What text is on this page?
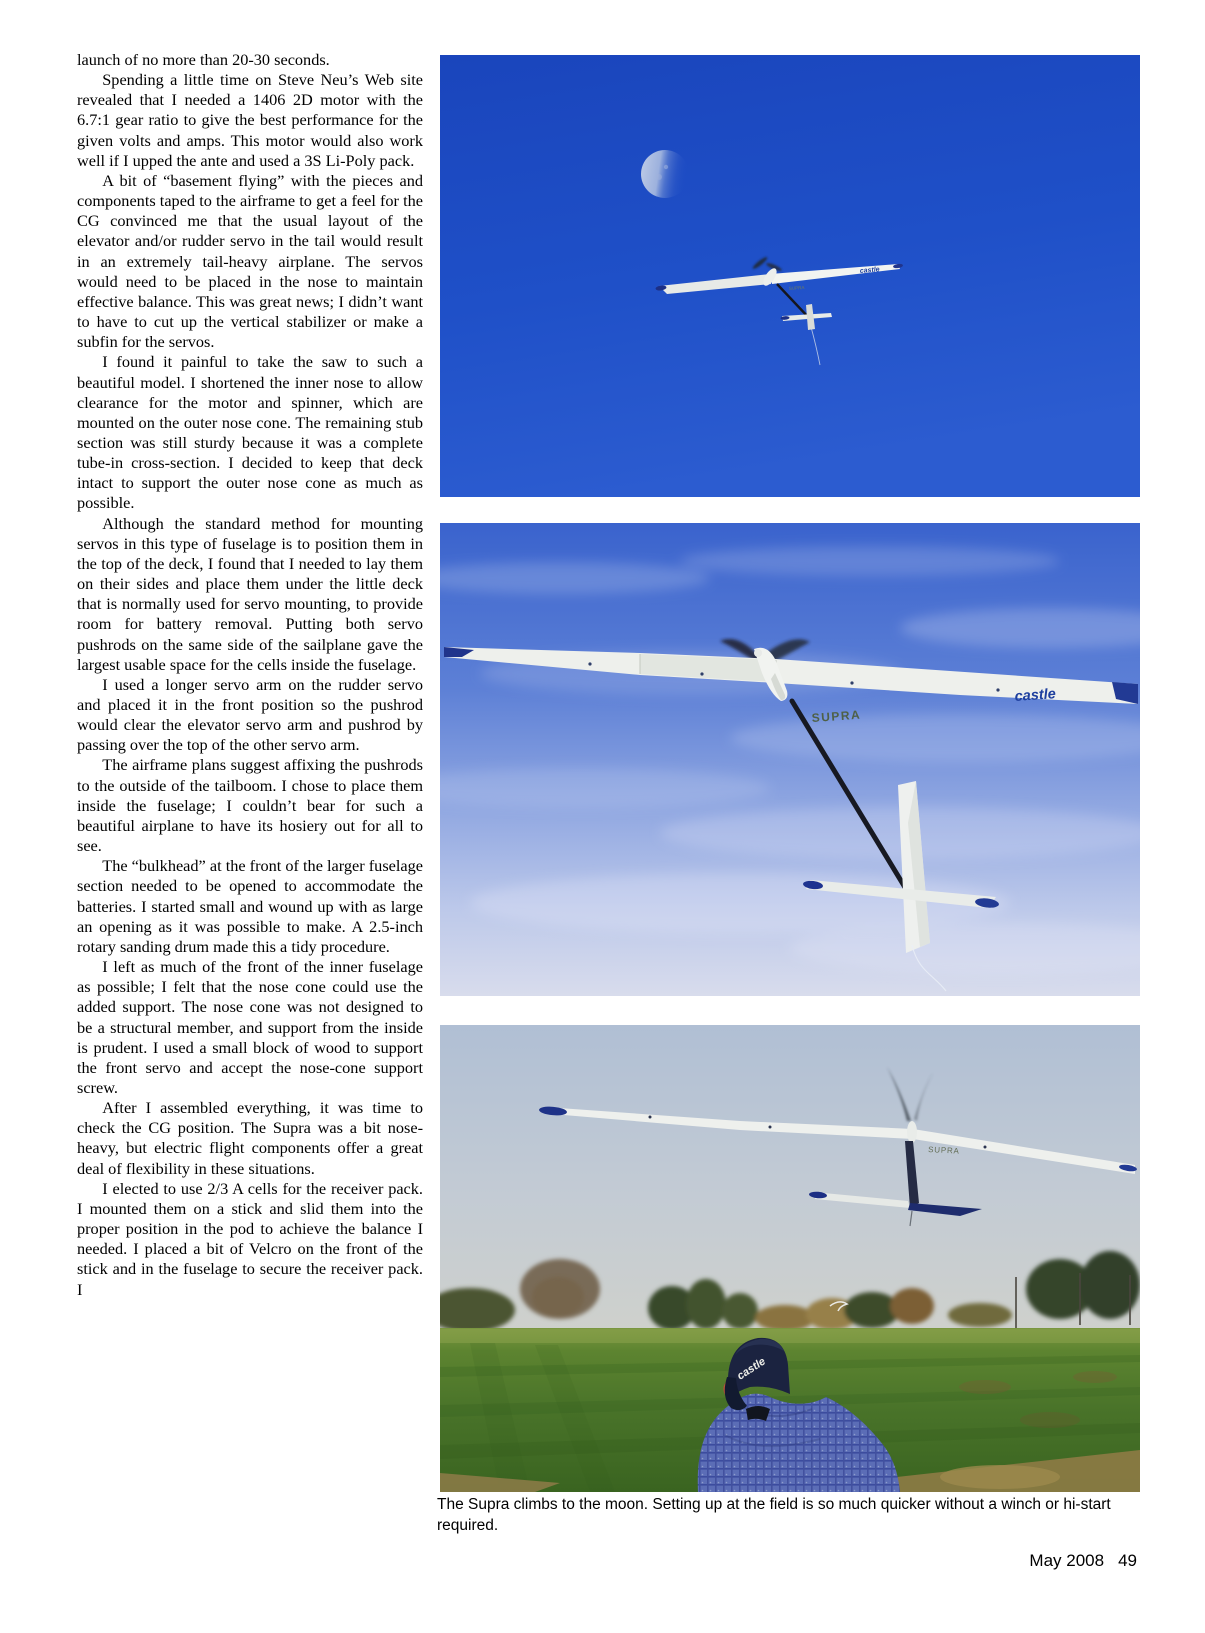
launch of no more than 20-30 seconds.

Spending a little time on Steve Neu’s Web site revealed that I needed a 1406 2D motor with the 6.7:1 gear ratio to give the best performance for the given volts and amps. This motor would also work well if I upped the ante and used a 3S Li-Poly pack.

A bit of “basement flying” with the pieces and components taped to the airframe to get a feel for the CG convinced me that the usual layout of the elevator and/or rudder servo in the tail would result in an extremely tail-heavy airplane. The servos would need to be placed in the nose to maintain effective balance. This was great news; I didn’t want to have to cut up the vertical stabilizer or make a subfin for the servos.

I found it painful to take the saw to such a beautiful model. I shortened the inner nose to allow clearance for the motor and spinner, which are mounted on the outer nose cone. The remaining stub section was still sturdy because it was a complete tube-in cross-section. I decided to keep that deck intact to support the outer nose cone as much as possible.

Although the standard method for mounting servos in this type of fuselage is to position them in the top of the deck, I found that I needed to lay them on their sides and place them under the little deck that is normally used for servo mounting, to provide room for battery removal. Putting both servo pushrods on the same side of the sailplane gave the largest usable space for the cells inside the fuselage.

I used a longer servo arm on the rudder servo and placed it in the front position so the pushrod would clear the elevator servo arm and pushrod by passing over the top of the other servo arm.

The airframe plans suggest affixing the pushrods to the outside of the tailboom. I chose to place them inside the fuselage; I couldn’t bear for such a beautiful airplane to have its hosiery out for all to see.

The “bulkhead” at the front of the larger fuselage section needed to be opened to accommodate the batteries. I started small and wound up with as large an opening as it was possible to make. A 2.5-inch rotary sanding drum made this a tidy procedure.

I left as much of the front of the inner fuselage as possible; I felt that the nose cone could use the added support. The nose cone was not designed to be a structural member, and support from the inside is prudent. I used a small block of wood to support the front servo and accept the nose-cone support screw.

After I assembled everything, it was time to check the CG position. The Supra was a bit nose-heavy, but electric flight components offer a great deal of flexibility in these situations.

I elected to use 2/3 A cells for the receiver pack. I mounted them on a stick and slid them into the proper position in the pod to achieve the balance I needed. I placed a bit of Velcro on the front of the stick and in the fuselage to secure the receiver pack. I

castle
SUPRA
SUPRA
castle
SUPRA
castle
The Supra climbs to the moon. Setting up at the field is so much quicker without a winch or hi-start required.
May 2008 49
